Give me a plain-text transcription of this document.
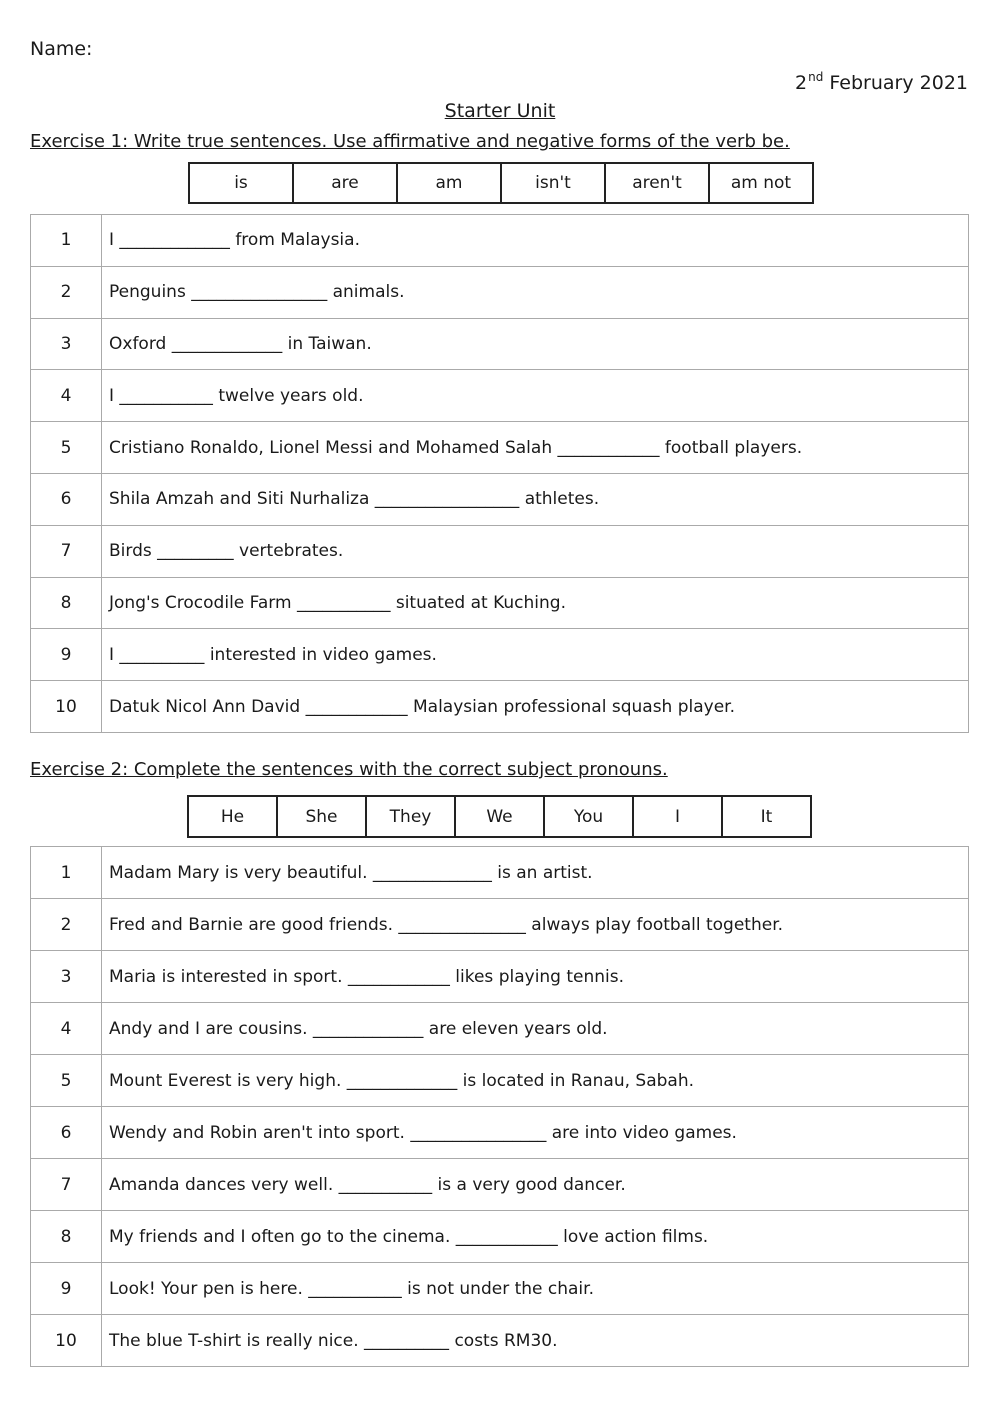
Name:
2nd February 2021
Starter Unit
Exercise 1: Write true sentences. Use affirmative and negative forms of the verb be.
is	are	am	isn't	aren't	am not
1	I _____________ from Malaysia.
2	Penguins ________________ animals.
3	Oxford _____________ in Taiwan.
4	I ___________ twelve years old.
5	Cristiano Ronaldo, Lionel Messi and Mohamed Salah ____________ football players.
6	Shila Amzah and Siti Nurhaliza _________________ athletes.
7	Birds _________ vertebrates.
8	Jong's Crocodile Farm ___________ situated at Kuching.
9	I __________ interested in video games.
10	Datuk Nicol Ann David ____________ Malaysian professional squash player.
Exercise 2: Complete the sentences with the correct subject pronouns.
He	She	They	We	You	I	It
1	Madam Mary is very beautiful. ______________ is an artist.
2	Fred and Barnie are good friends. _______________ always play football together.
3	Maria is interested in sport. ____________ likes playing tennis.
4	Andy and I are cousins. _____________ are eleven years old.
5	Mount Everest is very high. _____________ is located in Ranau, Sabah.
6	Wendy and Robin aren't into sport. ________________ are into video games.
7	Amanda dances very well. ___________ is a very good dancer.
8	My friends and I often go to the cinema. ____________ love action films.
9	Look! Your pen is here. ___________ is not under the chair.
10	The blue T-shirt is really nice. __________ costs RM30.
